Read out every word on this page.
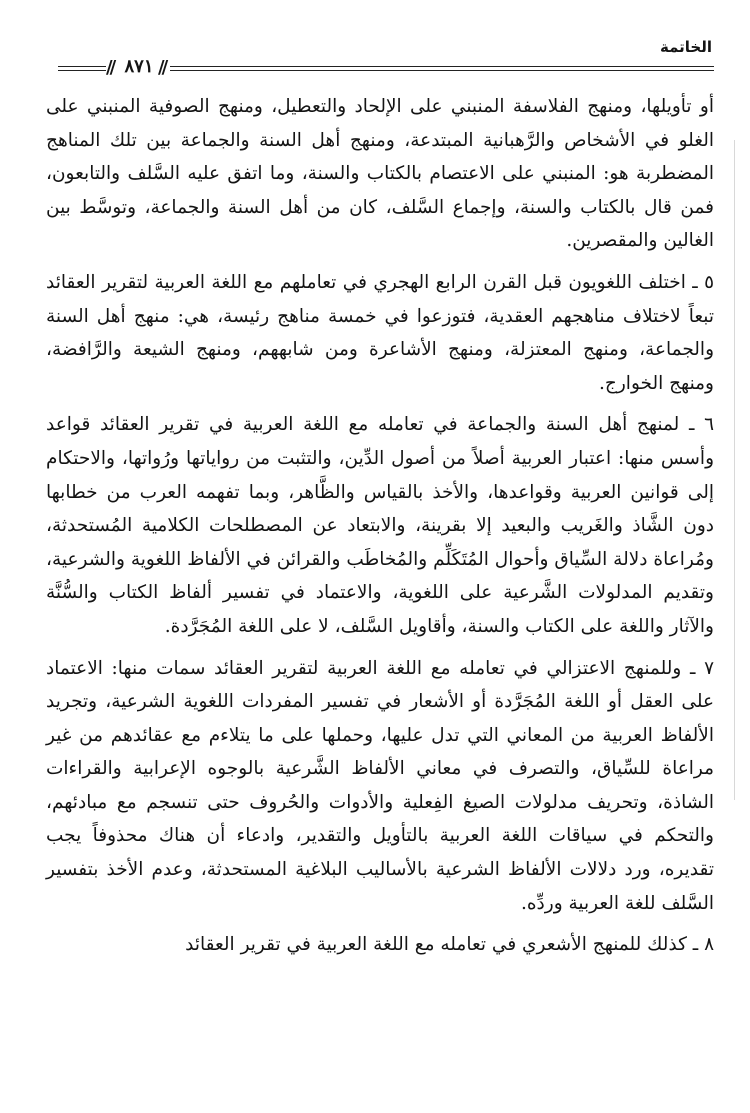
الخاتمة
// ٨٧١ //

أو تأويلها، ومنهج الفلاسفة المنبني على الإلحاد والتعطيل، ومنهج الصوفية المنبني على الغلو في الأشخاص والرَّهبانية المبتدعة، ومنهج أهل السنة والجماعة بين تلك المناهج المضطربة هو: المنبني على الاعتصام بالكتاب والسنة، وما اتفق عليه السَّلف والتابعون، فمن قال بالكتاب والسنة، وإجماع السَّلف، كان من أهل السنة والجماعة، وتوسَّط بين الغالين والمقصرين.

٥ ـ اختلف اللغويون قبل القرن الرابع الهجري في تعاملهم مع اللغة العربية لتقرير العقائد تبعاً لاختلاف مناهجهم العقدية، فتوزعوا في خمسة مناهج رئيسة، هي: منهج أهل السنة والجماعة، ومنهج المعتزلة، ومنهج الأشاعرة ومن شابههم، ومنهج الشيعة والرَّافضة، ومنهج الخوارج.

٦ ـ لمنهج أهل السنة والجماعة في تعامله مع اللغة العربية في تقرير العقائد قواعد وأسس منها: اعتبار العربية أصلاً من أصول الدِّين، والتثبت من رواياتها ورُواتها، والاحتكام إلى قوانين العربية وقواعدها، والأخذ بالقياس والظَّاهر، وبما تفهمه العرب من خطابها دون الشَّاذ والغَريب والبعيد إلا بقرينة، والابتعاد عن المصطلحات الكلامية المُستحدثة، ومُراعاة دلالة السِّياق وأحوال المُتَكَلِّم والمُخاطَب والقرائن في الألفاظ اللغوية والشرعية، وتقديم المدلولات الشَّرعية على اللغوية، والاعتماد في تفسير ألفاظ الكتاب والسُّنَّة والآثار واللغة على الكتاب والسنة، وأقاويل السَّلف، لا على اللغة المُجَرَّدة.

٧ ـ وللمنهج الاعتزالي في تعامله مع اللغة العربية لتقرير العقائد سمات منها: الاعتماد على العقل أو اللغة المُجَرَّدة أو الأشعار في تفسير المفردات اللغوية الشرعية، وتجريد الألفاظ العربية من المعاني التي تدل عليها، وحملها على ما يتلاءم مع عقائدهم من غير مراعاة للسِّياق، والتصرف في معاني الألفاظ الشَّرعية بالوجوه الإعرابية والقراءات الشاذة، وتحريف مدلولات الصيغ الفِعلية والأدوات والحُروف حتى تنسجم مع مبادئهم، والتحكم في سياقات اللغة العربية بالتأويل والتقدير، وادعاء أن هناك محذوفاً يجب تقديره، ورد دلالات الألفاظ الشرعية بالأساليب البلاغية المستحدثة، وعدم الأخذ بتفسير السَّلف للغة العربية وردِّه.

٨ ـ كذلك للمنهج الأشعري في تعامله مع اللغة العربية في تقرير العقائد
